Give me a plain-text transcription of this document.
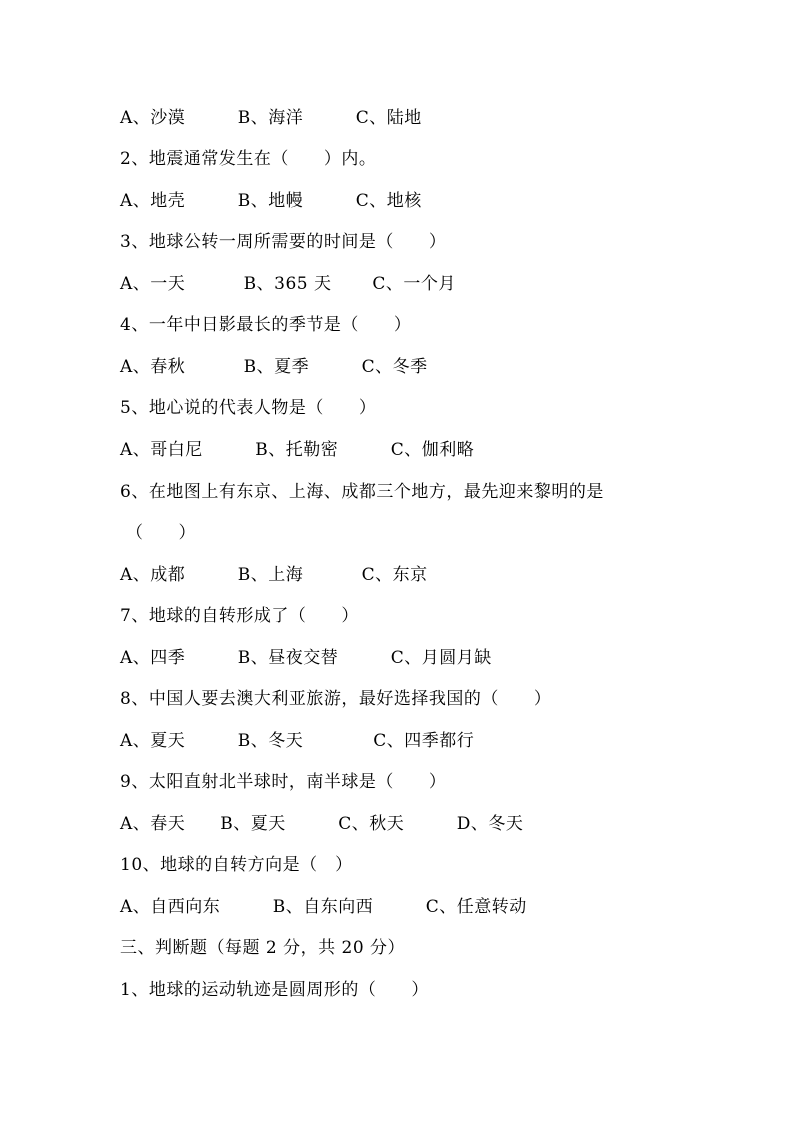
A、沙漠　　　B、海洋　　　C、陆地
2、地震通常发生在（　　）内。
A、地壳　　　B、地幔　　　C、地核
3、地球公转一周所需要的时间是（　　）
A、一天　　　 B、365 天　　 C、一个月
4、一年中日影最长的季节是（　　）
A、春秋　　　 B、夏季　　　C、冬季
5、地心说的代表人物是（　　）
A、哥白尼　　　B、托勒密　　　C、伽利略
6、在地图上有东京、上海、成都三个地方，最先迎来黎明的是
（　　）
A、成都　　　B、上海　　　 C、东京
7、地球的自转形成了（　　）
A、四季　　　B、昼夜交替　　　C、月圆月缺
8、中国人要去澳大利亚旅游，最好选择我国的（　　）
A、夏天　　　B、冬天　　　　C、四季都行
9、太阳直射北半球时，南半球是（　　）
A、春天　　B、夏天　　　C、秋天　　　D、冬天
10、地球的自转方向是（　）
A、自西向东　　　B、自东向西　　　C、任意转动
三、判断题（每题 2 分，共 20 分）
1、地球的运动轨迹是圆周形的（　　）
